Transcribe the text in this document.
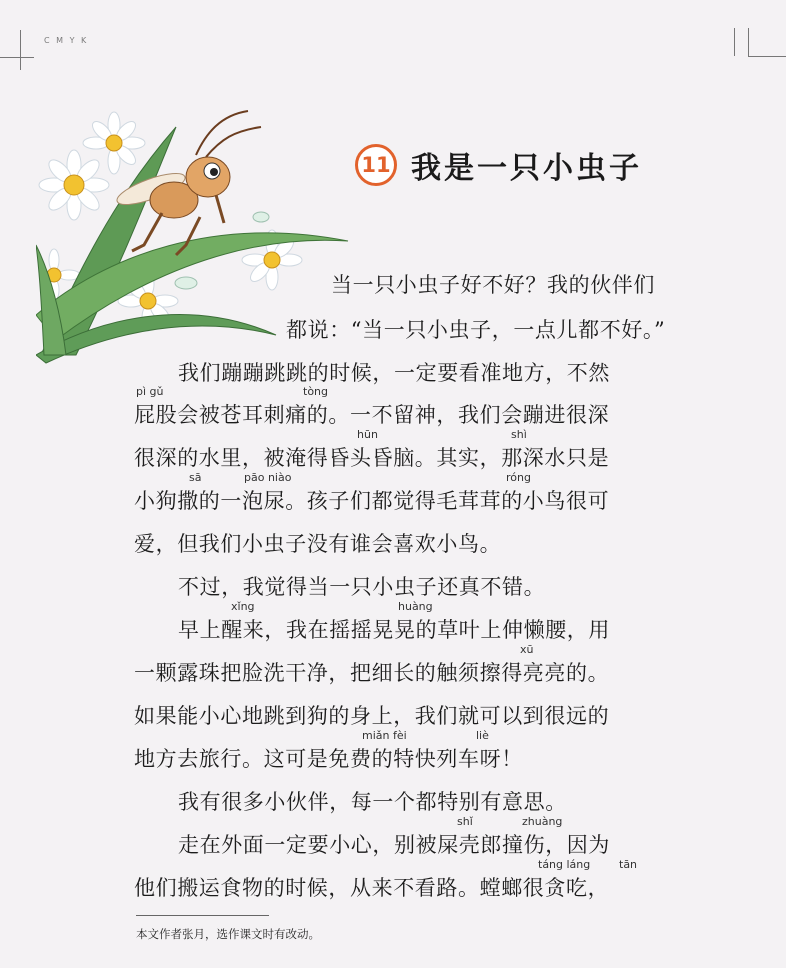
C M Y K
11 我是一只小虫子
当一只小虫子好不好？我的伙伴们
都说：“当一只小虫子，一点儿都不好。”
我们蹦蹦跳跳的时候，一定要看准地方，不然
pì gǔ	tòng
屁股会被苍耳刺痛的。一不留神，我们会蹦进很深
hūn	shì
很深的水里，被淹得昏头昏脑。其实，那深水只是
sā	pāo niào	róng
小狗撒的一泡尿。孩子们都觉得毛茸茸的小鸟很可
爱，但我们小虫子没有谁会喜欢小鸟。
不过，我觉得当一只小虫子还真不错。
xǐng	huàng
早上醒来，我在摇摇晃晃的草叶上伸懒腰，用
xū
一颗露珠把脸洗干净，把细长的触须擦得亮亮的。
如果能小心地跳到狗的身上，我们就可以到很远的
miǎn fèi	liè
地方去旅行。这可是免费的特快列车呀！
我有很多小伙伴，每一个都特别有意思。
shǐ	zhuàng
走在外面一定要小心，别被屎壳郎撞伤，因为
táng láng	tān
他们搬运食物的时候，从来不看路。螳螂很贪吃，
本文作者张月，选作课文时有改动。
